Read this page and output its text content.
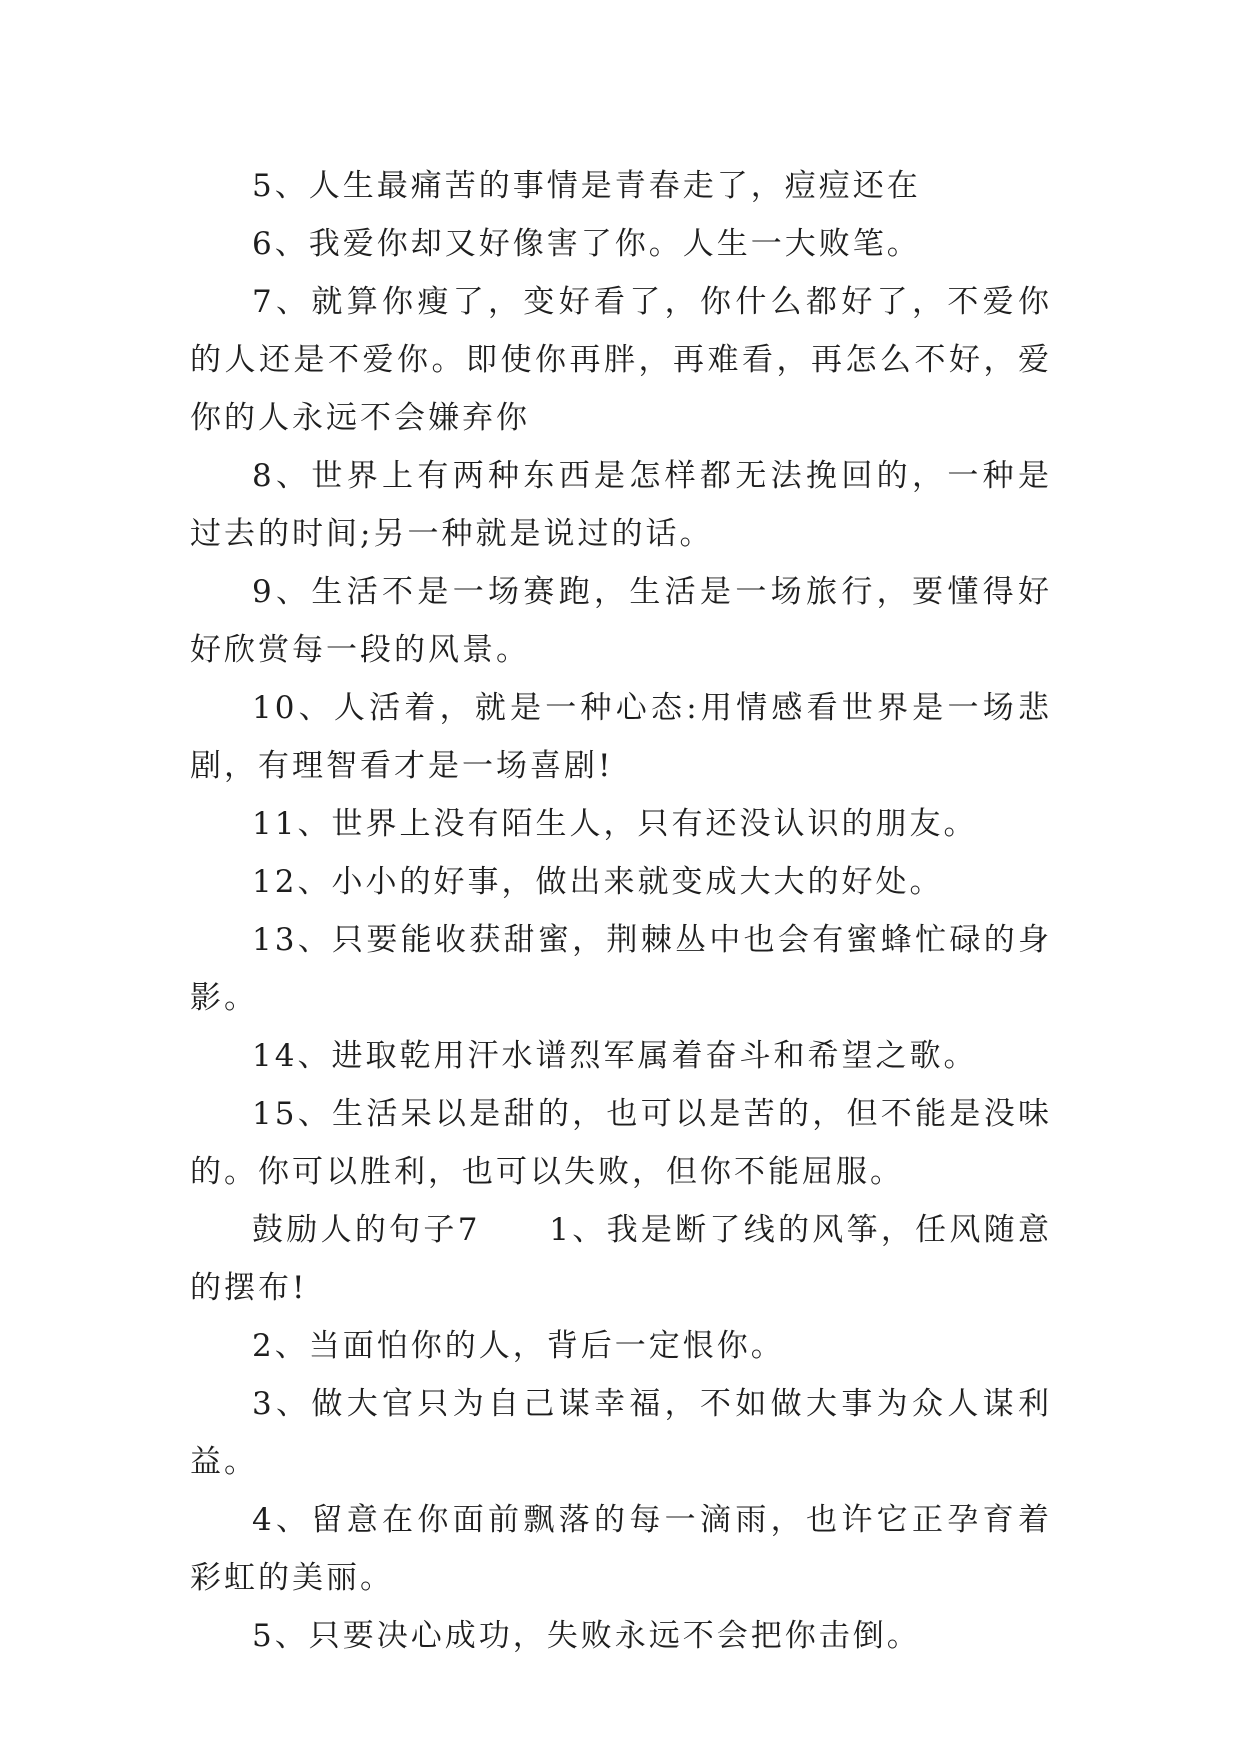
5、人生最痛苦的事情是青春走了，痘痘还在

6、我爱你却又好像害了你。人生一大败笔。

7、就算你瘦了，变好看了，你什么都好了，不爱你的人还是不爱你。即使你再胖，再难看，再怎么不好，爱你的人永远不会嫌弃你

8、世界上有两种东西是怎样都无法挽回的，一种是过去的时间;另一种就是说过的话。

9、生活不是一场赛跑，生活是一场旅行，要懂得好好欣赏每一段的风景。

10、人活着，就是一种心态:用情感看世界是一场悲剧，有理智看才是一场喜剧!

11、世界上没有陌生人，只有还没认识的朋友。

12、小小的好事，做出来就变成大大的好处。

13、只要能收获甜蜜，荆棘丛中也会有蜜蜂忙碌的身影。

14、进取乾用汗水谱烈军属着奋斗和希望之歌。

15、生活呆以是甜的，也可以是苦的，但不能是没味的。你可以胜利，也可以失败，但你不能屈服。

鼓励人的句子7　　1、我是断了线的风筝，任风随意的摆布!

2、当面怕你的人，背后一定恨你。

3、做大官只为自己谋幸福，不如做大事为众人谋利益。

4、留意在你面前飘落的每一滴雨，也许它正孕育着彩虹的美丽。

5、只要决心成功，失败永远不会把你击倒。
